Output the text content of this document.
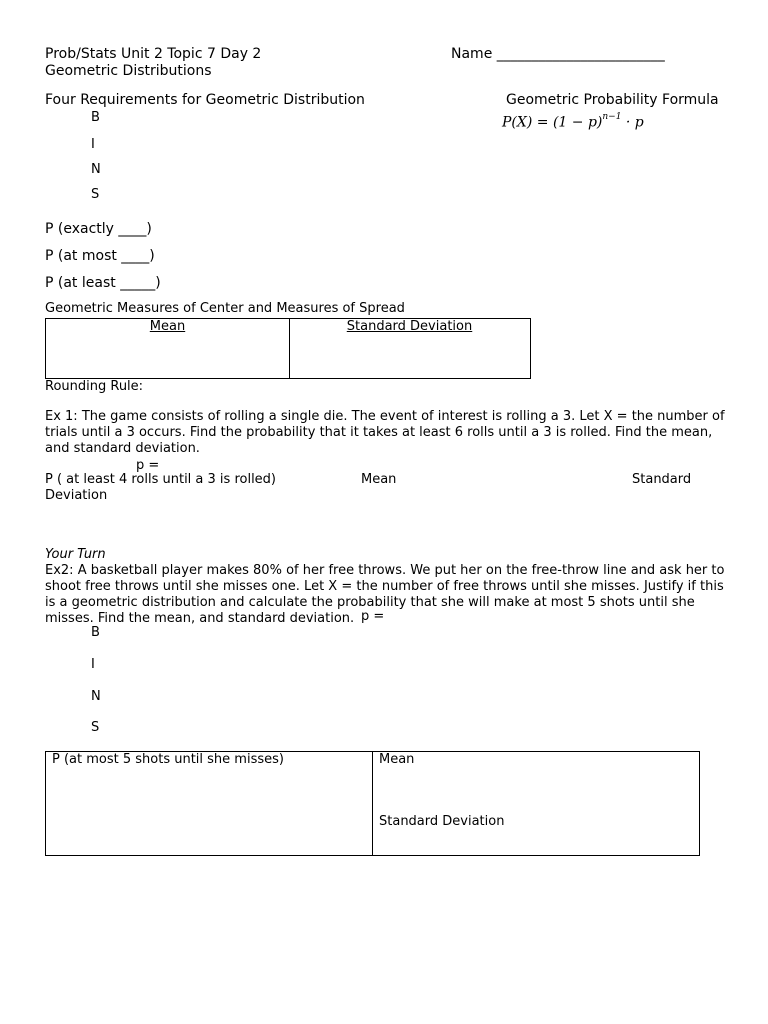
Prob/Stats Unit 2 Topic 7 Day 2
Geometric Distributions
Name ________________________
Four Requirements for Geometric Distribution
B
I
N
S
Geometric Probability Formula
$P(X) = (1 - p)^{n-1} \cdot p$
P (exactly ____)
P (at most ____)
P (at least _____)
Geometric Measures of Center and Measures of Spread
Mean	Standard Deviation
Rounding Rule:
Ex 1: The game consists of rolling a single die. The event of interest is rolling a 3. Let X = the number of trials until a 3 occurs. Find the probability that it takes at least 6 rolls until a 3 is rolled. Find the mean, and standard deviation.
p =
P ( at least 4 rolls until a 3 is rolled)	Mean	Standard
Deviation
Your Turn
Ex2: A basketball player makes 80% of her free throws. We put her on the free-throw line and ask her to shoot free throws until she misses one. Let X = the number of free throws until she misses. Justify if this is a geometric distribution and calculate the probability that she will make at most 5 shots until she misses. Find the mean, and standard deviation. p =
B
I
N
S
P (at most 5 shots until she misses)	Mean
Standard Deviation
